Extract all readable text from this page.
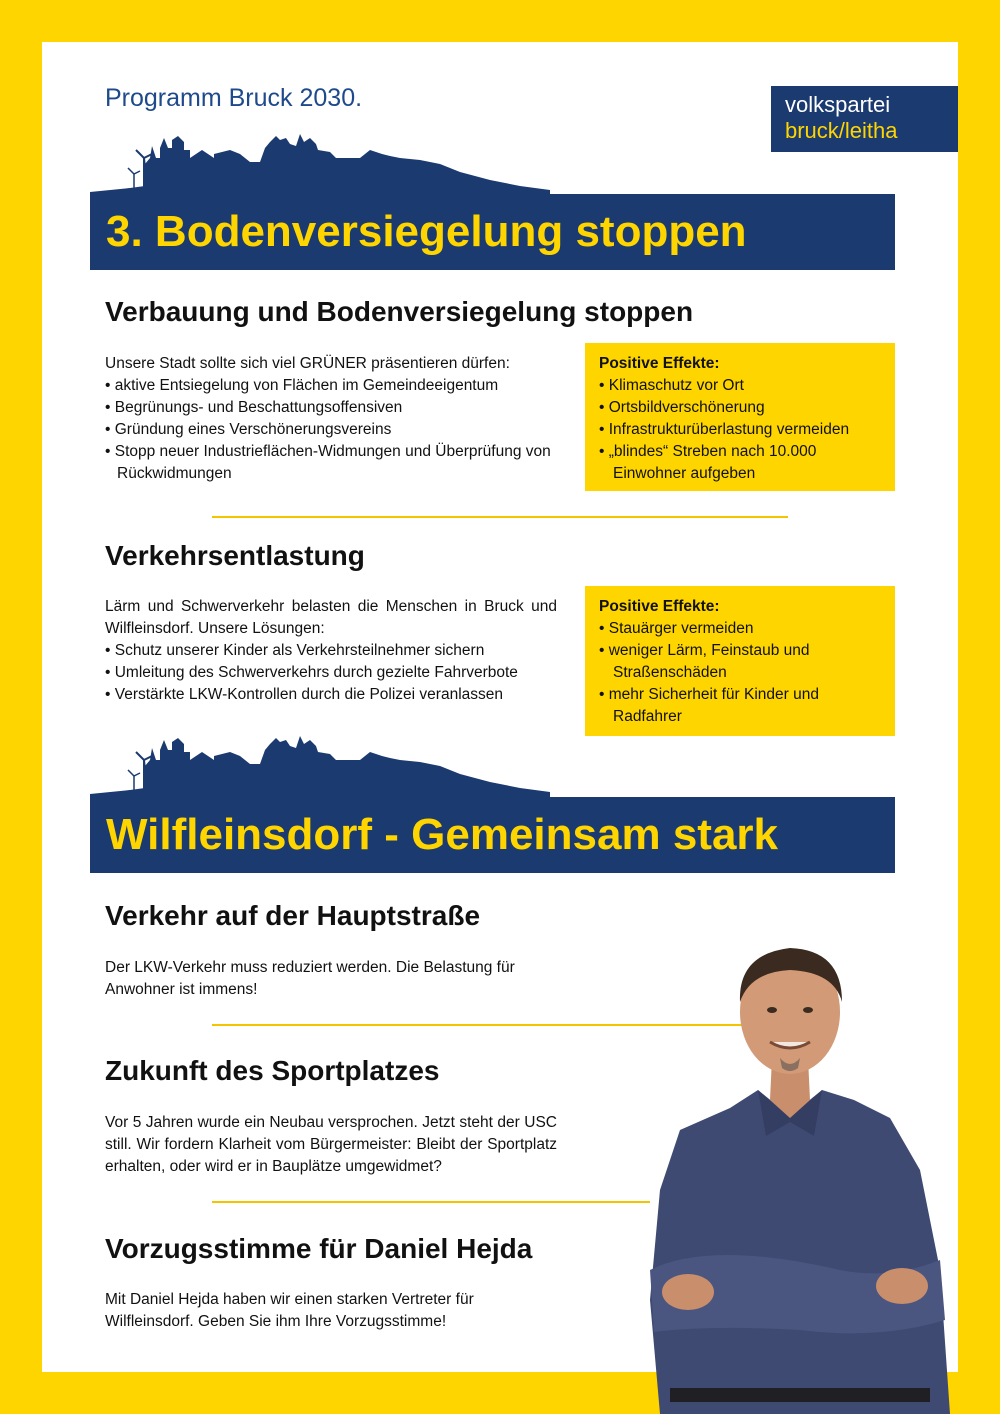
Programm Bruck 2030.	volkspartei
bruck/leitha
3. Bodenversiegelung stoppen
Verbauung und Bodenversiegelung stoppen
Unsere Stadt sollte sich viel GRÜNER präsentieren dürfen:
• aktive Entsiegelung von Flächen im Gemeindeeigentum
• Begrünungs- und Beschattungsoffensiven
• Gründung eines Verschönerungsvereins
• Stopp neuer Industrieflächen-Widmungen und Überprüfung von Rückwidmungen
Positive Effekte:
• Klimaschutz vor Ort
• Ortsbildverschönerung
• Infrastrukturüberlastung vermeiden
• „blindes“ Streben nach 10.000 Einwohner aufgeben
Verkehrsentlastung
Lärm und Schwerverkehr belasten die Menschen in Bruck und Wilfleinsdorf. Unsere Lösungen:
• Schutz unserer Kinder als Verkehrsteilnehmer sichern
• Umleitung des Schwerverkehrs durch gezielte Fahrverbote
• Verstärkte LKW-Kontrollen durch die Polizei veranlassen
Positive Effekte:
• Stauärger vermeiden
• weniger Lärm, Feinstaub und Straßenschäden
• mehr Sicherheit für Kinder und Radfahrer
Wilfleinsdorf - Gemeinsam stark
Verkehr auf der Hauptstraße

Der LKW-Verkehr muss reduziert werden. Die Belastung für Anwohner ist immens!

Zukunft des Sportplatzes

Vor 5 Jahren wurde ein Neubau versprochen. Jetzt steht der USC still. Wir fordern Klarheit vom Bürgermeister: Bleibt der Sportplatz erhalten, oder wird er in Bauplätze umgewidmet?

Vorzugsstimme für Daniel Hejda

Mit Daniel Hejda haben wir einen starken Vertreter für Wilfleinsdorf. Geben Sie ihm Ihre Vorzugsstimme!
